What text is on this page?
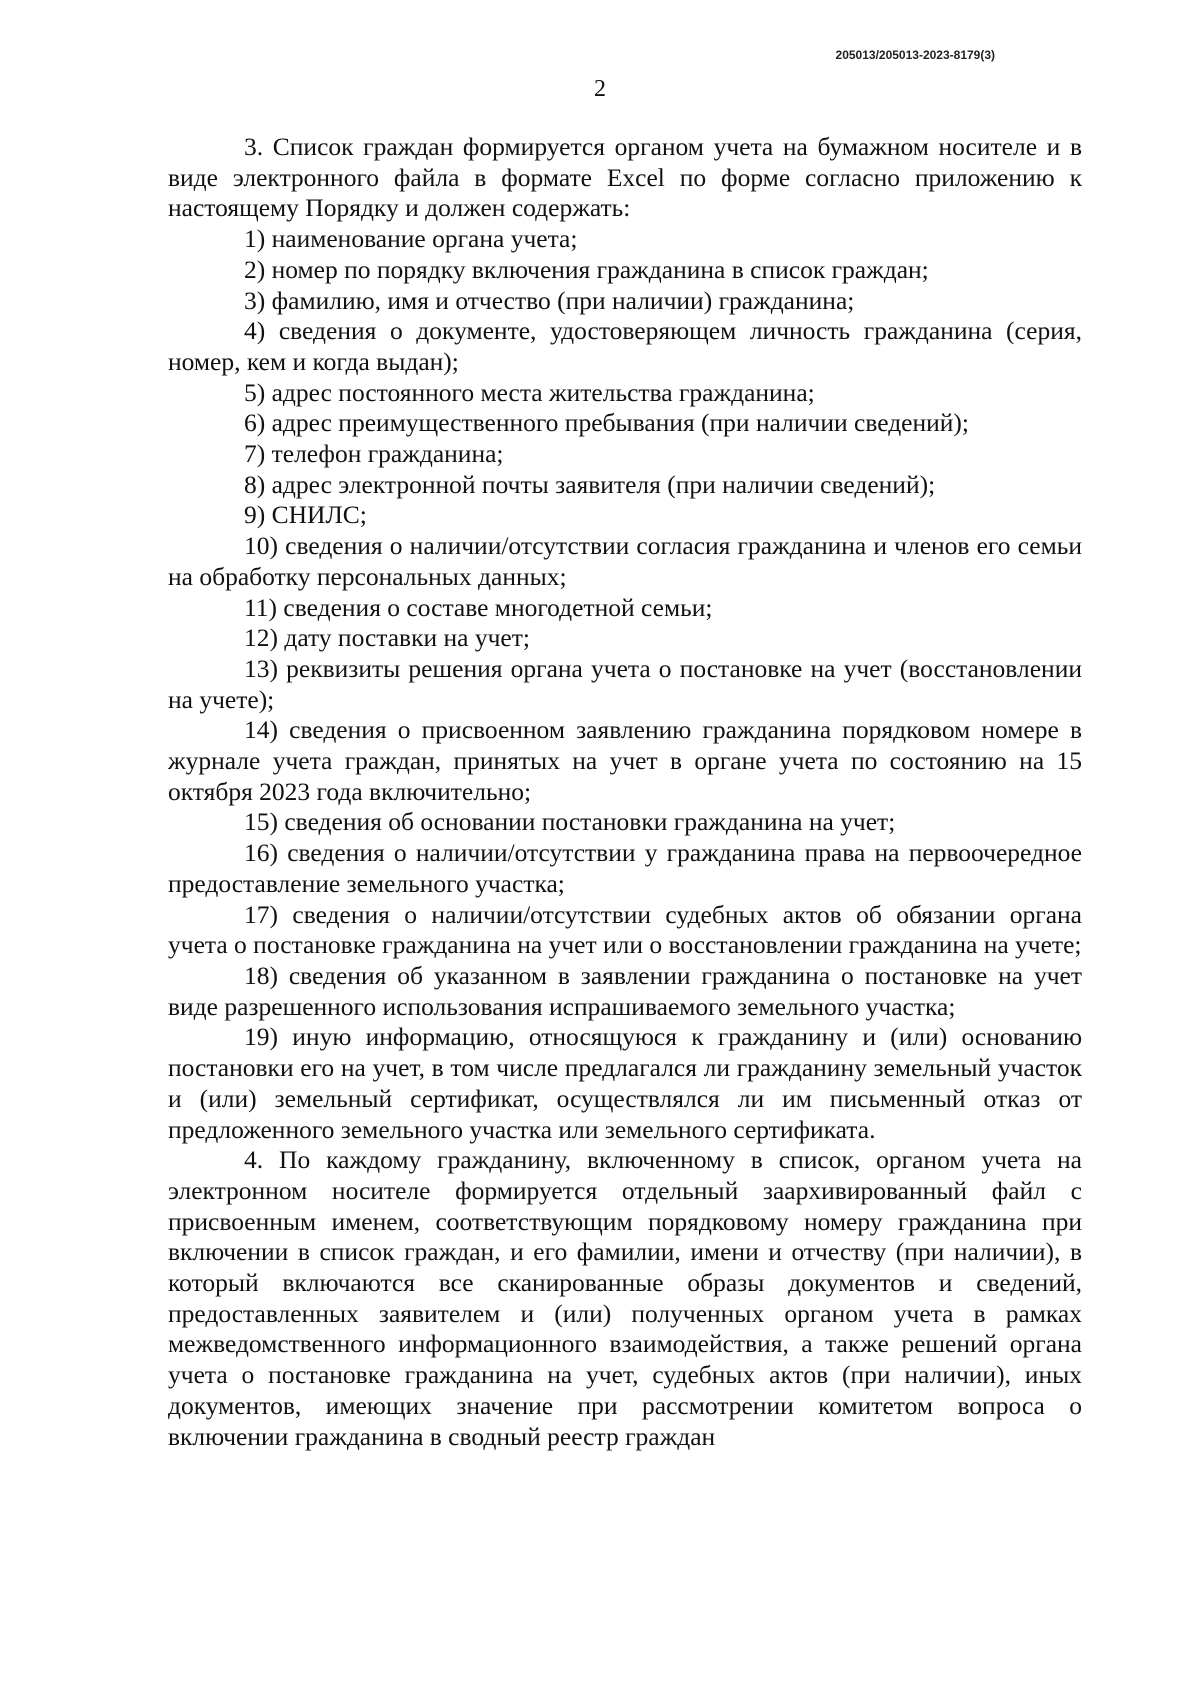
205013/205013-2023-8179(3)
2

3. Список граждан формируется органом учета на бумажном носителе и в виде электронного файла в формате Excel по форме согласно приложению к настоящему Порядку и должен содержать:

1) наименование органа учета;

2) номер по порядку включения гражданина в список граждан;

3) фамилию, имя и отчество (при наличии) гражданина;

4) сведения о документе, удостоверяющем личность гражданина (серия, номер, кем и когда выдан);

5) адрес постоянного места жительства гражданина;

6) адрес преимущественного пребывания (при наличии сведений);

7) телефон гражданина;

8) адрес электронной почты заявителя (при наличии сведений);

9) СНИЛС;

10) сведения о наличии/отсутствии согласия гражданина и членов его семьи на обработку персональных данных;

11) сведения о составе многодетной семьи;

12) дату поставки на учет;

13) реквизиты решения органа учета о постановке на учет (восстановлении на учете);

14) сведения о присвоенном заявлению гражданина порядковом номере в журнале учета граждан, принятых на учет в органе учета по состоянию на 15 октября 2023 года включительно;

15) сведения об основании постановки гражданина на учет;

16) сведения о наличии/отсутствии у гражданина права на первоочередное предоставление земельного участка;

17) сведения о наличии/отсутствии судебных актов об обязании органа учета о постановке гражданина на учет или о восстановлении гражданина на учете;

18) сведения об указанном в заявлении гражданина о постановке на учет виде разрешенного использования испрашиваемого земельного участка;

19) иную информацию, относящуюся к гражданину и (или) основанию постановки его на учет, в том числе предлагался ли гражданину земельный участок и (или) земельный сертификат, осуществлялся ли им письменный отказ от предложенного земельного участка или земельного сертификата.

4. По каждому гражданину, включенному в список, органом учета на электронном носителе формируется отдельный заархивированный файл с присвоенным именем, соответствующим порядковому номеру гражданина при включении в список граждан, и его фамилии, имени и отчеству (при наличии), в который включаются все сканированные образы документов и сведений, предоставленных заявителем и (или) полученных органом учета в рамках межведомственного информационного взаимодействия, а также решений органа учета о постановке гражданина на учет, судебных актов (при наличии), иных документов, имеющих значение при рассмотрении комитетом вопроса о включении гражданина в сводный реестр граждан
